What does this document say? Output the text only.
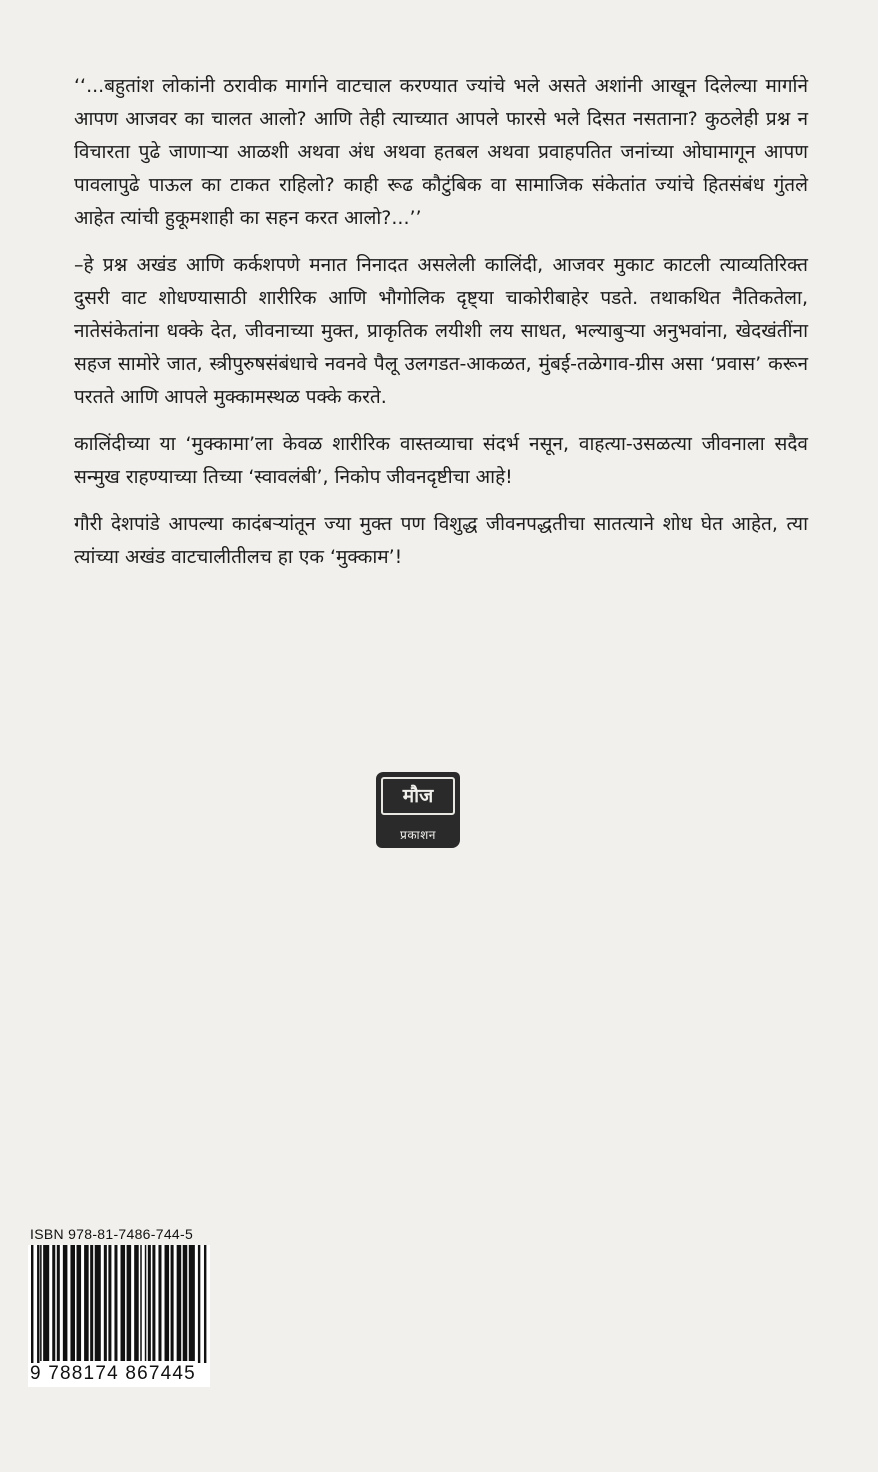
‘‘...बहुतांश लोकांनी ठरावीक मार्गाने वाटचाल करण्यात ज्यांचे भले असते अशांनी आखून दिलेल्या मार्गाने आपण आजवर का चालत आलो? आणि तेही त्याच्यात आपले फारसे भले दिसत नसताना? कुठलेही प्रश्न न विचारता पुढे जाणाऱ्या आळशी अथवा अंध अथवा हतबल अथवा प्रवाहपतित जनांच्या ओघामागून आपण पावलापुढे पाऊल का टाकत राहिलो? काही रूढ कौटुंबिक वा सामाजिक संकेतांत ज्यांचे हितसंबंध गुंतले आहेत त्यांची हुकूमशाही का सहन करत आलो?...’’

–हे प्रश्न अखंड आणि कर्कशपणे मनात निनादत असलेली कालिंदी, आजवर मुकाट काटली त्याव्यतिरिक्त दुसरी वाट शोधण्यासाठी शारीरिक आणि भौगोलिक दृष्ट्या चाकोरीबाहेर पडते. तथाकथित नैतिकतेला, नातेसंकेतांना धक्के देत, जीवनाच्या मुक्त, प्राकृतिक लयीशी लय साधत, भल्याबुऱ्या अनुभवांना, खेदखंतींना सहज सामोरे जात, स्त्रीपुरुषसंबंधाचे नवनवे पैलू उलगडत-आकळत, मुंबई-तळेगाव-ग्रीस असा ‘प्रवास’ करून परतते आणि आपले मुक्कामस्थळ पक्के करते.

कालिंदीच्या या ‘मुक्कामा’ला केवळ शारीरिक वास्तव्याचा संदर्भ नसून, वाहत्या-उसळत्या जीवनाला सदैव सन्मुख राहण्याच्या तिच्या ‘स्वावलंबी’, निकोप जीवनदृष्टीचा आहे!

गौरी देशपांडे आपल्या कादंबऱ्यांतून ज्या मुक्त पण विशुद्ध जीवनपद्धतीचा सातत्याने शोध घेत आहेत, त्या त्यांच्या अखंड वाटचालीतीलच हा एक ‘मुक्काम’!

मौज
प्रकाशन
ISBN 978-81-7486-744-5
9 788174 867445
